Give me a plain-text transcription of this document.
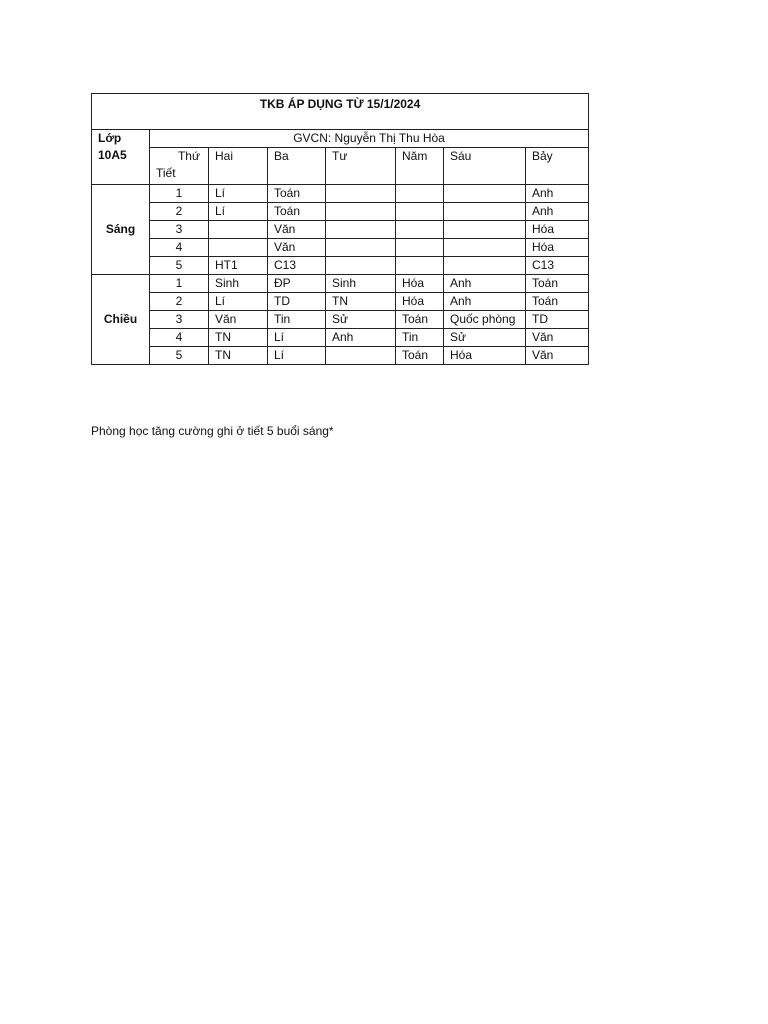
TKB ÁP DỤNG TỪ 15/1/2024							
Lớp 10A5	GVCN: Nguyễn Thị Thu Hòa						

	Thứ
Tiết	Hai	Ba	Tư	Năm	Sáu	Bảy
Sáng	1	Lí	Toán				Anh
	2	Lí	Toán				Anh
	3		Văn				Hóa
	4		Văn				Hóa
	5	HT1	C13				C13
Chiều	1	Sinh	ĐP	Sinh	Hóa	Anh	Toán
	2	Lí	TD	TN	Hóa	Anh	Toán
	3	Văn	Tin	Sử	Toán	Quốc phòng	TD
	4	TN	Lí	Anh	Tin	Sử	Văn
	5	TN	Lí		Toán	Hóa	Văn
Phòng học tăng cường ghi ở tiết 5 buổi sáng*
